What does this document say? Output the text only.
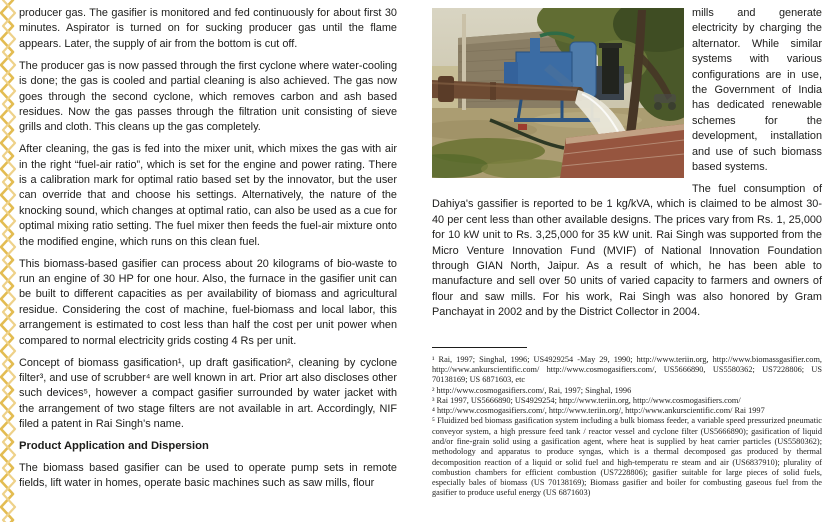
producer gas. The gasifier is monitored and fed continuously for about first 30 minutes. Aspirator is turned on for sucking producer gas until the flame appears. Later, the supply of air from the bottom is cut off.

The producer gas is now passed through the first cyclone where water-cooling is done; the gas is cooled and partial cleaning is also achieved. The gas now goes through the second cyclone, which removes carbon and ash based residues. Now the gas passes through the filtration unit consisting of sieve grills and cloth. This cleans up the gas completely.

After cleaning, the gas is fed into the mixer unit, which mixes the gas with air in the right “fuel-air ratio”, which is set for the engine and power rating. There is a calibration mark for optimal ratio based set by the innovator, but the user can override that and choose his settings. Alternatively, the nature of the knocking sound, which changes at optimal ratio, can also be used as a cue for optimal mixing ratio setting. The fuel mixer then feeds the fuel-air mixture onto the modified engine, which runs on this clean fuel.

This biomass-based gasifier can process about 20 kilograms of bio-waste to run an engine of 30 HP for one hour. Also, the furnace in the gasifier unit can be built to different capacities as per availability of biomass and agricultural residue. Considering the cost of machine, fuel-biomass and local labor, this arrangement is estimated to cost less than half the cost per unit power when compared to normal electricity grids costing 4 Rs per unit.

Concept of biomass gasification¹, up draft gasification², cleaning by cyclone filter³, and use of scrubber⁴ are well known in art. Prior art also discloses other such devices⁵, however a compact gasifier surrounded by water jacket with the arrangement of two stage filters are not available in art. Accordingly, NIF filed a patent in Rai Singh's name.

Product Application and Dispersion

The biomass based gasifier can be used to operate pump sets in remote fields, lift water in homes, operate basic machines such as saw mills, flour

mills and generate electricity by charging the alternator. While similar systems with various configurations are in use, the Government of India has dedicated renewable schemes for the development, installation and use of such biomass based systems.

The fuel consumption of Dahiya's gassifier is reported to be 1 kg/kVA, which is claimed to be almost 30-40 per cent less than other available designs. The prices vary from Rs. 1, 25,000 for 10 kW unit to Rs. 3,25,000 for 35 kW unit. Rai Singh was supported from the Micro Venture Innovation Fund (MVIF) of National Innovation Foundation through GIAN North, Jaipur. As a result of which, he has been able to manufacture and sell over 50 units of varied capacity to farmers and owners of flour and saw mills. For his work, Rai Singh was also honored by Gram Panchayat in 2002 and by the District Collector in 2004.

¹ Rai, 1997; Singhal, 1996; US4929254 -May 29, 1990; http://www.teriin.org, http://www.biomassgasifier.com, http://www.ankurscientific.com/ http://www.cosmogasifiers.com/, US5666890, US5580362; US7228806; US 70138169; US 6871603, etc

² http://www.cosmogasifiers.com/, Rai, 1997; Singhal, 1996

³ Rai 1997, US5666890; US4929254; http://www.teriin.org, http://www.cosmogasifiers.com/

⁴ http://www.cosmogasifiers.com/, http://www.teriin.org/, http://www.ankurscientific.com/ Rai 1997

⁵ Fluidized bed biomass gasification system including a bulk biomass feeder, a variable speed pressurized pneumatic conveyor system, a high pressure feed tank / reactor vessel and cyclone filter (US5666890); gasification of liquid and/or fine-grain solid using a gasification agent, where heat is supplied by heat carrier particles (US5580362); methodology and apparatus to produce syngas, which is a thermal decomposed gas produced by thermal decomposition reaction of a liquid or solid fuel and high-temperatu re steam and air (US6837910); plurality of combustion chambers for efficient combustion (US7228806); gasifier suitable for large pieces of solid fuels, especially bales of biomass (US 70138169); Biomass gasifier and boiler for combusting gaseous fuel from the gasifier to produce useful energy (US 6871603)
